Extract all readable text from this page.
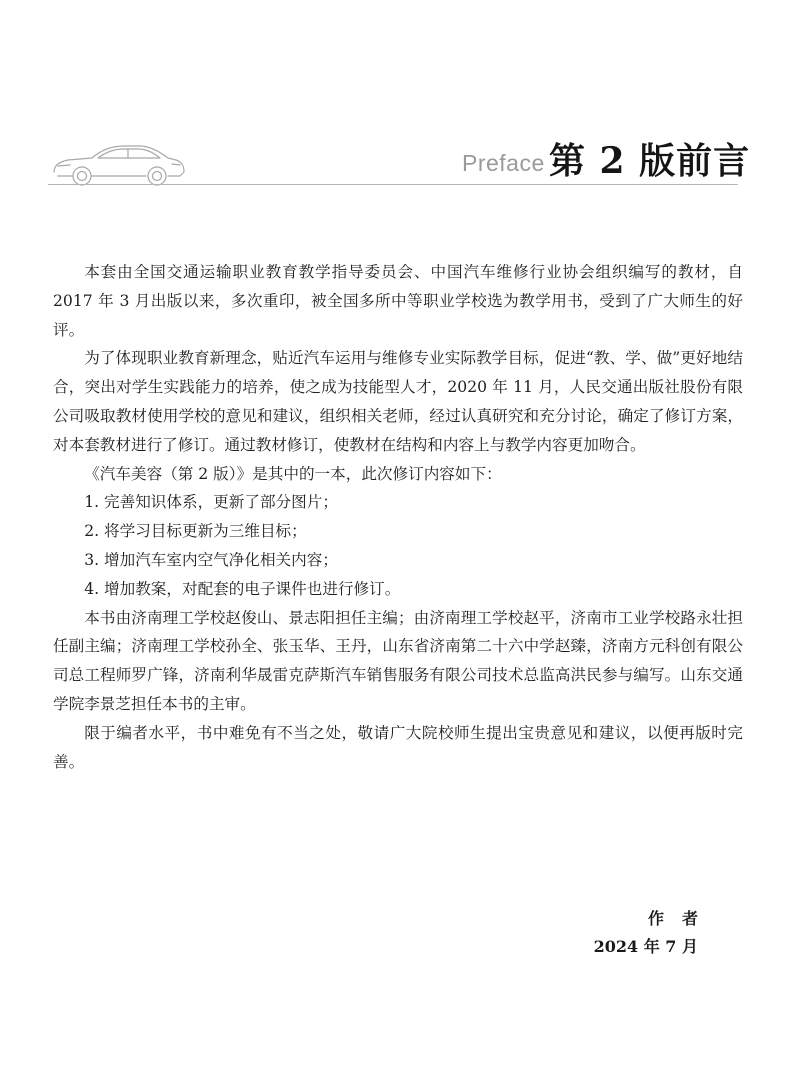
Preface 第 2 版前言

本套由全国交通运输职业教育教学指导委员会、中国汽车维修行业协会组织编写的教材，自 2017 年 3 月出版以来，多次重印，被全国多所中等职业学校选为教学用书，受到了广大师生的好评。

为了体现职业教育新理念，贴近汽车运用与维修专业实际教学目标，促进“教、学、做”更好地结合，突出对学生实践能力的培养，使之成为技能型人才，2020 年 11 月，人民交通出版社股份有限公司吸取教材使用学校的意见和建议，组织相关老师，经过认真研究和充分讨论，确定了修订方案，对本套教材进行了修订。通过教材修订，使教材在结构和内容上与教学内容更加吻合。

《汽车美容（第 2 版）》是其中的一本，此次修订内容如下：

1. 完善知识体系，更新了部分图片；

2. 将学习目标更新为三维目标；

3. 增加汽车室内空气净化相关内容；

4. 增加教案，对配套的电子课件也进行修订。

本书由济南理工学校赵俊山、景志阳担任主编；由济南理工学校赵平，济南市工业学校路永壮担任副主编；济南理工学校孙全、张玉华、王丹，山东省济南第二十六中学赵臻，济南方元科创有限公司总工程师罗广锋，济南利华晟雷克萨斯汽车销售服务有限公司技术总监高洪民参与编写。山东交通学院李景芝担任本书的主审。

限于编者水平，书中难免有不当之处，敬请广大院校师生提出宝贵意见和建议，以便再版时完善。

作者
2024 年 7 月
